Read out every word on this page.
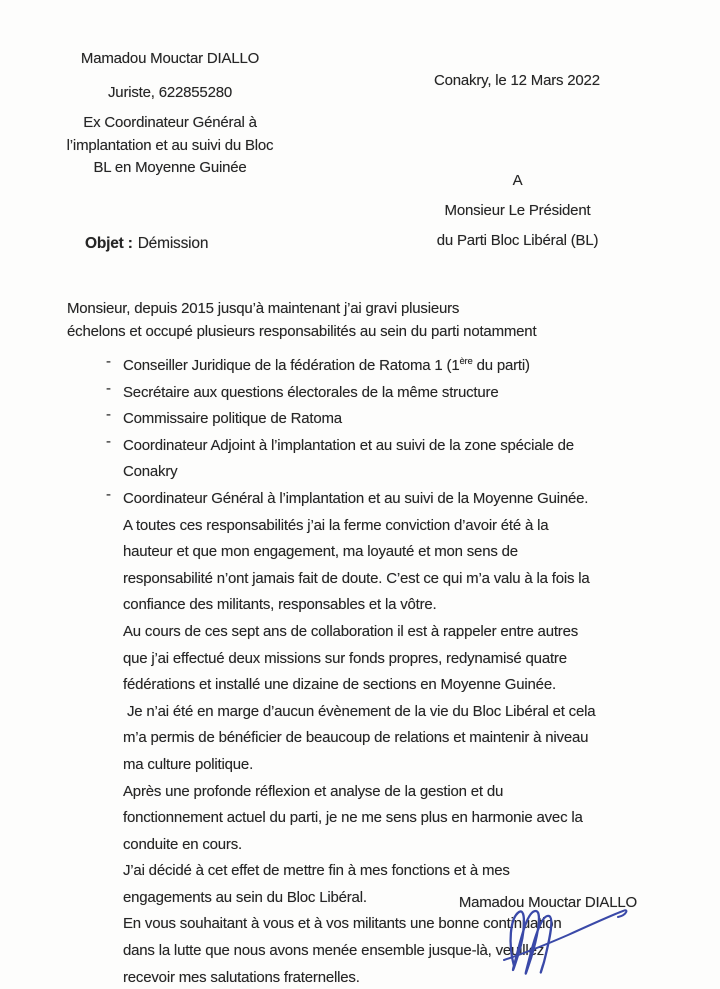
Mamadou Mouctar DIALLO
Juriste, 622855280
Ex Coordinateur Général à
l’implantation et au suivi du Bloc
BL en Moyenne Guinée
Conakry, le 12 Mars 2022
A
Monsieur Le Président
du Parti Bloc Libéral (BL)
Objet : Démission
Monsieur, depuis 2015 jusqu’à maintenant j’ai gravi plusieurs
échelons et occupé plusieurs responsabilités au sein du parti notamment
- Conseiller Juridique de la fédération de Ratoma 1 (1ère du parti)
- Secrétaire aux questions électorales de la même structure
- Commissaire politique de Ratoma
- Coordinateur Adjoint à l’implantation et au suivi de la zone spéciale de
Conakry
- Coordinateur Général à l’implantation et au suivi de la Moyenne Guinée.
A toutes ces responsabilités j’ai la ferme conviction d’avoir été à la
hauteur et que mon engagement, ma loyauté et mon sens de
responsabilité n’ont jamais fait de doute. C’est ce qui m’a valu à la fois la
confiance des militants, responsables et la vôtre.
Au cours de ces sept ans de collaboration il est à rappeler entre autres
que j’ai effectué deux missions sur fonds propres, redynamisé quatre
fédérations et installé une dizaine de sections en Moyenne Guinée.
Je n’ai été en marge d’aucun évènement de la vie du Bloc Libéral et cela
m’a permis de bénéficier de beaucoup de relations et maintenir à niveau
ma culture politique.
Après une profonde réflexion et analyse de la gestion et du
fonctionnement actuel du parti, je ne me sens plus en harmonie avec la
conduite en cours.
J’ai décidé à cet effet de mettre fin à mes fonctions et à mes
engagements au sein du Bloc Libéral.
En vous souhaitant à vous et à vos militants une bonne continuation
dans la lutte que nous avons menée ensemble jusque-là, veuillez
recevoir mes salutations fraternelles.
Mamadou Mouctar DIALLO
